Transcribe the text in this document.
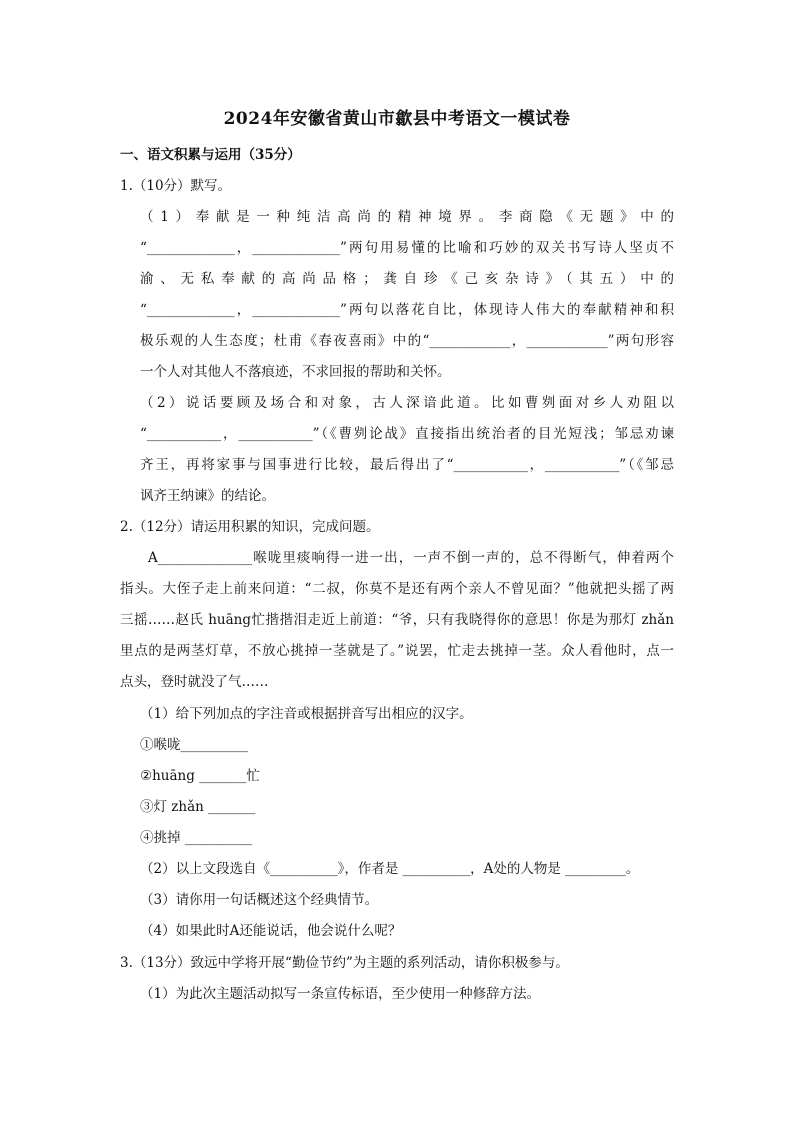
2024年安徽省黄山市歙县中考语文一模试卷
一、语文积累与运用（35分）
1.（10分）默写。
（1）奉献是一种纯洁高尚的精神境界。李商隐《无题》中的
“_____________，_____________”两句用易懂的比喻和巧妙的双关书写诗人坚贞不
渝、无私奉献的高尚品格；龚自珍《己亥杂诗》（其五）中的
“_____________，_____________”两句以落花自比，体现诗人伟大的奉献精神和积
极乐观的人生态度；杜甫《春夜喜雨》中的“____________，____________”两句形容
一个人对其他人不落痕迹，不求回报的帮助和关怀。
（2）说话要顾及场合和对象，古人深谙此道。比如曹刿面对乡人劝阻以
“___________，___________”（《曹刿论战》直接指出统治者的目光短浅；邹忌劝谏
齐王，再将家事与国事进行比较，最后得出了“___________，___________”（《邹忌
讽齐王纳谏》的结论。
2.（12分）请运用积累的知识，完成问题。
A______________喉咙里痰响得一进一出，一声不倒一声的，总不得断气，伸着两个
指头。大侄子走上前来问道：“二叔，你莫不是还有两个亲人不曾见面？”他就把头摇了两
三摇……赵氏 huāng忙揩揩泪走近上前道：“爷，只有我晓得你的意思！你是为那灯 zhǎn
里点的是两茎灯草，不放心挑掉一茎就是了。”说罢，忙走去挑掉一茎。众人看他时，点一
点头，登时就没了气……
（1）给下列加点的字注音或根据拼音写出相应的汉字。
①喉咙__________
②huāng _______忙
③灯 zhǎn _______
④挑掉 __________
（2）以上文段选自《__________》，作者是 __________，A处的人物是 _________。
（3）请你用一句话概述这个经典情节。
（4）如果此时A还能说话，他会说什么呢？
3.（13分）致远中学将开展“勤俭节约”为主题的系列活动，请你积极参与。
（1）为此次主题活动拟写一条宣传标语，至少使用一种修辞方法。
